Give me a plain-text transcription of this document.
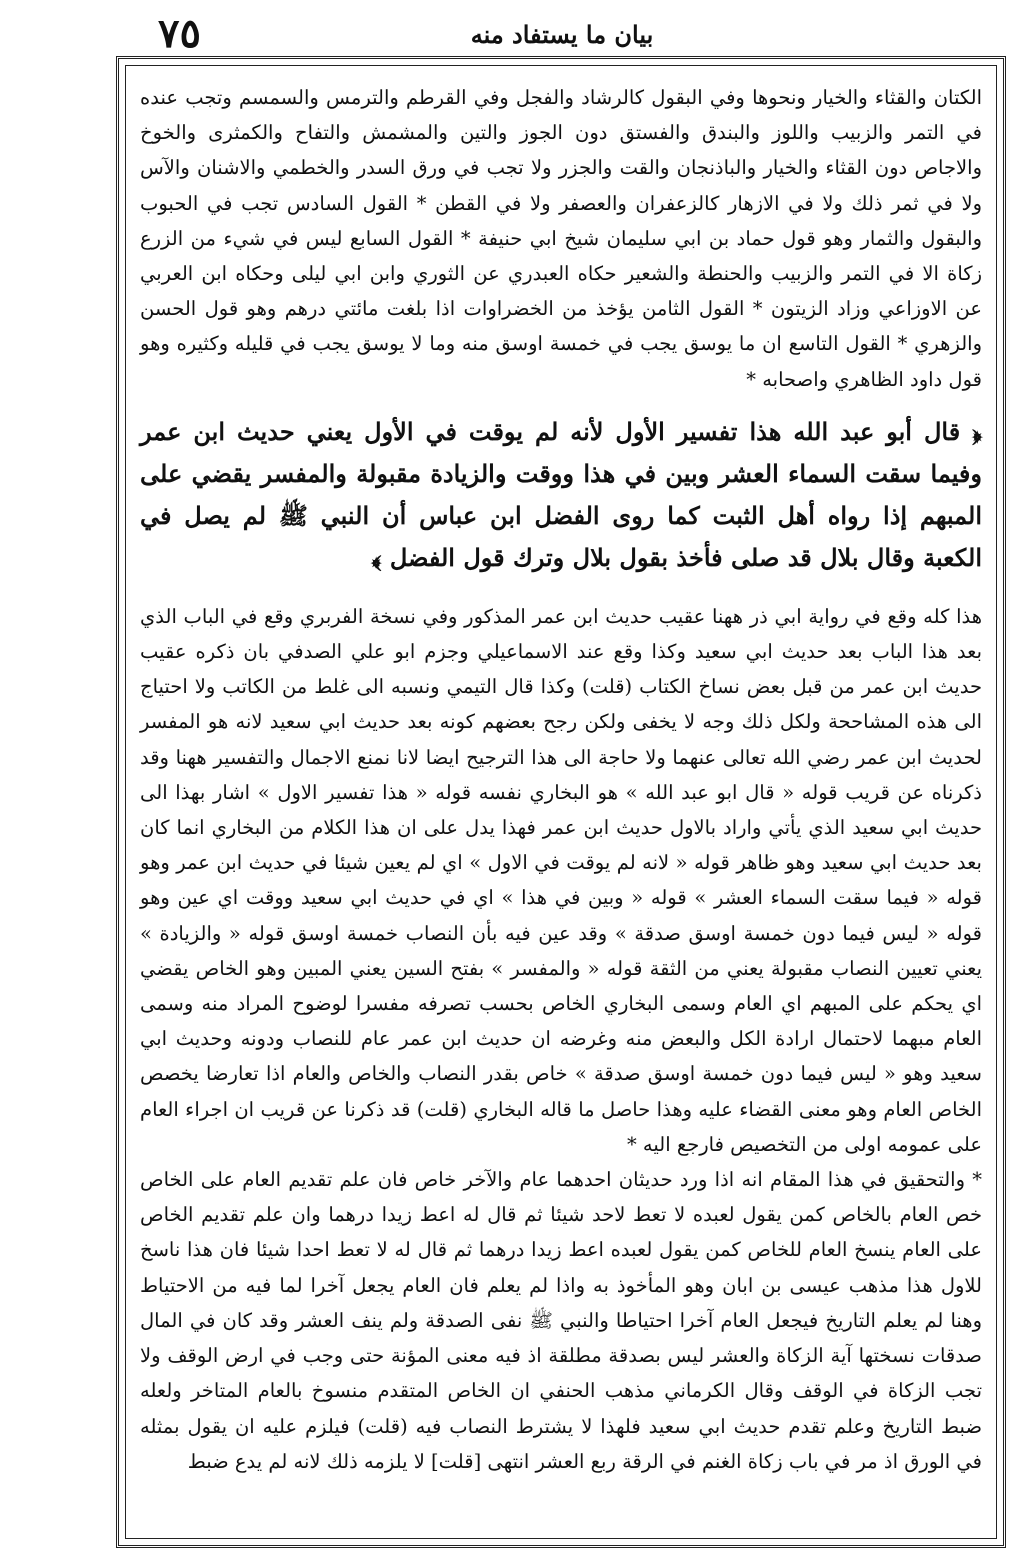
٧٥	بيان ما يستفاد منه

الكتان والقثاء والخيار ونحوها وفي البقول كالرشاد والفجل وفي القرطم والترمس والسمسم وتجب عنده في التمر والزبيب واللوز والبندق والفستق دون الجوز والتين والمشمش والتفاح والكمثرى والخوخ والاجاص دون القثاء والخيار والباذنجان والقت والجزر ولا تجب في ورق السدر والخطمي والاشنان والآس ولا في ثمر ذلك ولا في الازهار كالزعفران والعصفر ولا في القطن * القول السادس تجب في الحبوب والبقول والثمار وهو قول حماد بن ابي سليمان شيخ ابي حنيفة * القول السابع ليس في شيء من الزرع زكاة الا في التمر والزبيب والحنطة والشعير حكاه العبدري عن الثوري وابن ابي ليلى وحكاه ابن العربي عن الاوزاعي وزاد الزيتون * القول الثامن يؤخذ من الخضراوات اذا بلغت مائتي درهم وهو قول الحسن والزهري * القول التاسع ان ما يوسق يجب في خمسة اوسق منه وما لا يوسق يجب في قليله وكثيره وهو قول داود الظاهري واصحابه *

﴿ قال أبو عبد الله هذا تفسير الأول لأنه لم يوقت في الأول يعني حديث ابن عمر وفيما سقت السماء العشر وبين في هذا ووقت والزيادة مقبولة والمفسر يقضي على المبهم إذا رواه أهل الثبت كما روى الفضل ابن عباس أن النبي ﷺ لم يصل في الكعبة وقال بلال قد صلى فأخذ بقول بلال وترك قول الفضل ﴾

هذا كله وقع في رواية ابي ذر ههنا عقيب حديث ابن عمر المذكور وفي نسخة الفربري وقع في الباب الذي بعد هذا الباب بعد حديث ابي سعيد وكذا وقع عند الاسماعيلي وجزم ابو علي الصدفي بان ذكره عقيب حديث ابن عمر من قبل بعض نساخ الكتاب (قلت) وكذا قال التيمي ونسبه الى غلط من الكاتب ولا احتياج الى هذه المشاححة ولكل ذلك وجه لا يخفى ولكن رجح بعضهم كونه بعد حديث ابي سعيد لانه هو المفسر لحديث ابن عمر رضي الله تعالى عنهما ولا حاجة الى هذا الترجيح ايضا لانا نمنع الاجمال والتفسير ههنا وقد ذكرناه عن قريب قوله « قال ابو عبد الله » هو البخاري نفسه قوله « هذا تفسير الاول » اشار بهذا الى حديث ابي سعيد الذي يأتي واراد بالاول حديث ابن عمر فهذا يدل على ان هذا الكلام من البخاري انما كان بعد حديث ابي سعيد وهو ظاهر قوله « لانه لم يوقت في الاول » اي لم يعين شيئا في حديث ابن عمر وهو قوله « فيما سقت السماء العشر » قوله « وبين في هذا » اي في حديث ابي سعيد ووقت اي عين وهو قوله « ليس فيما دون خمسة اوسق صدقة » وقد عين فيه بأن النصاب خمسة اوسق قوله « والزيادة » يعني تعيين النصاب مقبولة يعني من الثقة قوله « والمفسر » بفتح السين يعني المبين وهو الخاص يقضي اي يحكم على المبهم اي العام وسمى البخاري الخاص بحسب تصرفه مفسرا لوضوح المراد منه وسمى العام مبهما لاحتمال ارادة الكل والبعض منه وغرضه ان حديث ابن عمر عام للنصاب ودونه وحديث ابي سعيد وهو « ليس فيما دون خمسة اوسق صدقة » خاص بقدر النصاب والخاص والعام اذا تعارضا يخصص الخاص العام وهو معنى القضاء عليه وهذا حاصل ما قاله البخاري (قلت) قد ذكرنا عن قريب ان اجراء العام على عمومه اولى من التخصيص فارجع اليه *

* والتحقيق في هذا المقام انه اذا ورد حديثان احدهما عام والآخر خاص فان علم تقديم العام على الخاص خص العام بالخاص كمن يقول لعبده لا تعط لاحد شيئا ثم قال له اعط زيدا درهما وان علم تقديم الخاص على العام ينسخ العام للخاص كمن يقول لعبده اعط زيدا درهما ثم قال له لا تعط احدا شيئا فان هذا ناسخ للاول هذا مذهب عيسى بن ابان وهو المأخوذ به واذا لم يعلم فان العام يجعل آخرا لما فيه من الاحتياط وهنا لم يعلم التاريخ فيجعل العام آخرا احتياطا والنبي ﷺ نفى الصدقة ولم ينف العشر وقد كان في المال صدقات نسختها آية الزكاة والعشر ليس بصدقة مطلقة اذ فيه معنى المؤنة حتى وجب في ارض الوقف ولا تجب الزكاة في الوقف وقال الكرماني مذهب الحنفي ان الخاص المتقدم منسوخ بالعام المتاخر ولعله ضبط التاريخ وعلم تقدم حديث ابي سعيد فلهذا لا يشترط النصاب فيه (قلت) فيلزم عليه ان يقول بمثله في الورق اذ مر في باب زكاة الغنم في الرقة ربع العشر انتهى [قلت] لا يلزمه ذلك لانه لم يدع ضبط
